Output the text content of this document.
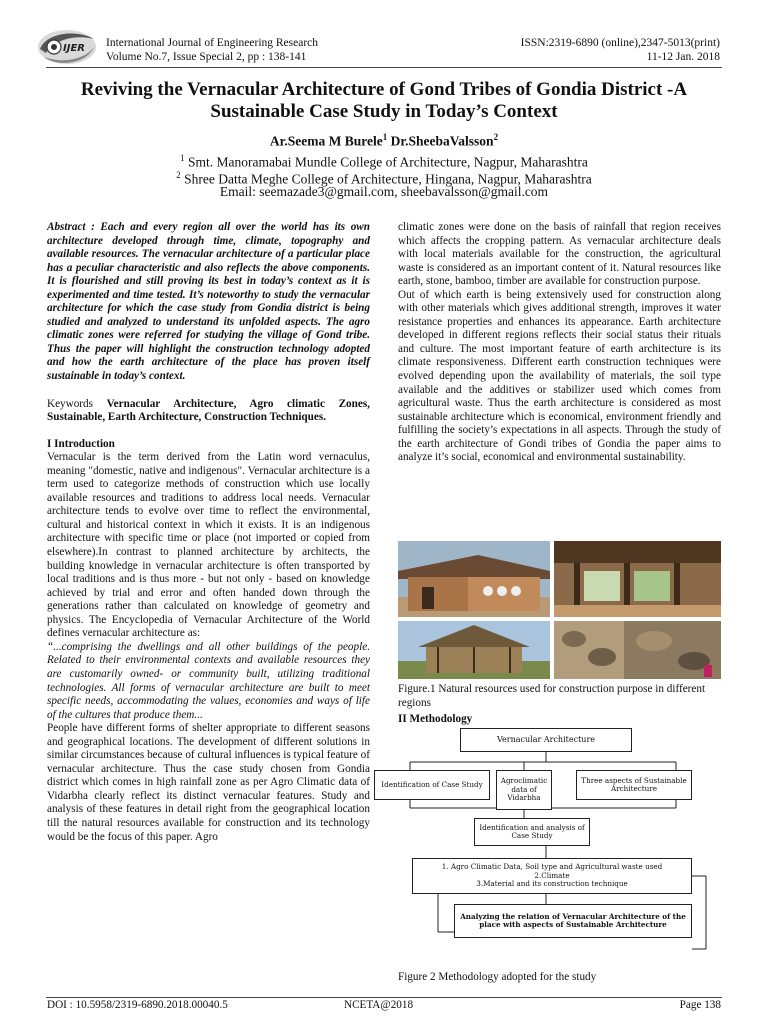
IJER International Journal of Engineering Research
Volume No.7, Issue Special 2, pp : 138-141
ISSN:2319-6890 (online),2347-5013(print)
11-12 Jan. 2018
Reviving the Vernacular Architecture of Gond Tribes of Gondia District -A
Sustainable Case Study in Today’s Context
Ar.Seema M Burele$^1$ Dr.SheebaValsson$^2$
$^1$ Smt. Manoramabai Mundle College of Architecture, Nagpur, Maharashtra
$^2$ Shree Datta Meghe College of Architecture, Hingana, Nagpur, Maharashtra
Email: seemazade3@gmail.com, sheebavalsson@gmail.com

Abstract : Each and every region all over the world has its own architecture developed through time, climate, topography and available resources. The vernacular architecture of a particular place has a peculiar characteristic and also reflects the above components. It is flourished and still proving its best in today’s context as it is experimented and time tested. It’s noteworthy to study the vernacular architecture for which the case study from Gondia district is being studied and analyzed to understand its unfolded aspects. The agro climatic zones were referred for studying the village of Gond tribe. Thus the paper will highlight the construction technology adopted and how the earth architecture of the place has proven itself sustainable in today’s context.

Keywords Vernacular Architecture, Agro climatic Zones, Sustainable, Earth Architecture, Construction Techniques.

I Introduction

Vernacular is the term derived from the Latin word vernaculus, meaning "domestic, native and indigenous". Vernacular architecture is a term used to categorize methods of construction which use locally available resources and traditions to address local needs. Vernacular architecture tends to evolve over time to reflect the environmental, cultural and historical context in which it exists. It is an indigenous architecture with specific time or place (not imported or copied from elsewhere).In contrast to planned architecture by architects, the building knowledge in vernacular architecture is often transported by local traditions and is thus more - but not only - based on knowledge achieved by trial and error and often handed down through the generations rather than calculated on knowledge of geometry and physics. The Encyclopedia of Vernacular Architecture of the World defines vernacular architecture as:

“...comprising the dwellings and all other buildings of the people. Related to their environmental contexts and available resources they are customarily owned- or community built, utilizing traditional technologies. All forms of vernacular architecture are built to meet specific needs, accommodating the values, economies and ways of life of the cultures that produce them...

People have different forms of shelter appropriate to different seasons and geographical locations. The development of different solutions in similar circumstances because of cultural influences is typical feature of vernacular architecture. Thus the case study chosen from Gondia district which comes in high rainfall zone as per Agro Climatic data of Vidarbha clearly reflect its distinct vernacular features. Study and analysis of these features in detail right from the geographical location till the natural resources available for construction and its technology would be the focus of this paper. Agro

climatic zones were done on the basis of rainfall that region receives which affects the cropping pattern. As vernacular architecture deals with local materials available for the construction, the agricultural waste is considered as an important content of it. Natural resources like earth, stone, bamboo, timber are available for construction purpose.

Out of which earth is being extensively used for construction along with other materials which gives additional strength, improves it water resistance properties and enhances its appearance. Earth architecture developed in different regions reflects their social status their rituals and culture. The most important feature of earth architecture is its climate responsiveness. Different earth construction techniques were evolved depending upon the availability of materials, the soil type available and the additives or stabilizer used which comes from agricultural waste. Thus the earth architecture is considered as most sustainable architecture which is economical, environment friendly and fulfilling the society’s expectations in all aspects. Through the study of the earth architecture of Gondi tribes of Gondia the paper aims to analyze it’s social, economical and environmental sustainability.

Figure.1 Natural resources used for construction purpose in different regions
II Methodology
Vernacular Architecture
Identification of Case Study	Agroclimatic data of Vidarbha
Three aspects of Sustainable Architecture
Identification and analysis of Case Study
1. Agro Climatic Data, Soil type and Agricultural waste used
2.Climate
3.Material and its construction technique
Analyzing the relation of Vernacular Architecture of the place with aspects of Sustainable Architecture
Figure 2 Methodology adopted for the study
DOI : 10.5958/2319-6890.2018.00040.5	NCETA@2018	Page 138
